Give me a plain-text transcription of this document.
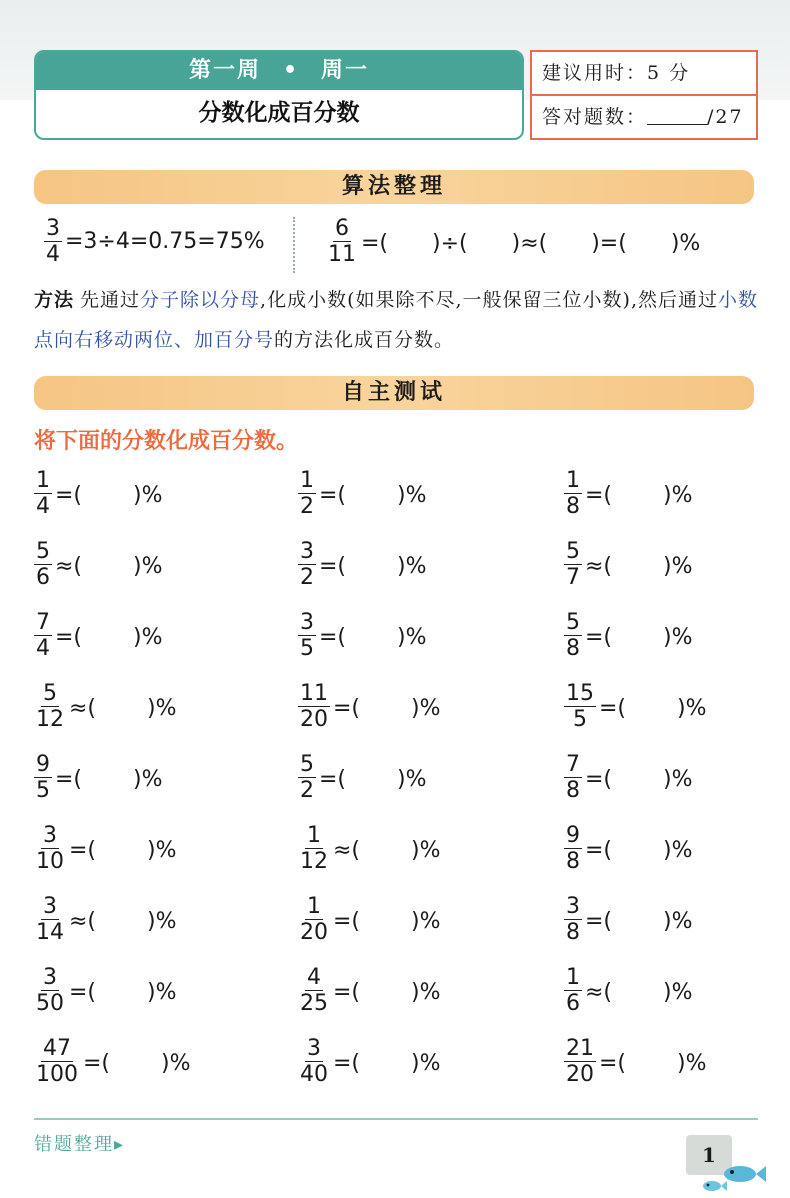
第一周 • 周一
分数化成百分数
建议用时：5 分
答对题数：	/27
算法整理
$\frac{3}{4} =3\div 4=0.75=75\%$	$\frac{6}{11}$ =(　　)÷(　　)≈(　　)=(　　)%
方法 先通过分子除以分母,化成小数(如果除不尽,一般保留三位小数),然后通过小数点向右移动两位、加百分号的方法化成百分数。
自主测试
将下面的分数化成百分数。
$\frac{1}{4}$ =(　　 )%	$\frac{1}{2}$ =(　　 )%	$\frac{1}{8}$ =(　　 )%
$\frac{5}{6}$ ≈(　　 )%	$\frac{3}{2}$ =(　　 )%	$\frac{5}{7}$ ≈(　　 )%
$\frac{7}{4}$ =(　　 )%	$\frac{3}{5}$ =(　　 )%	$\frac{5}{8}$ =(　　 )%
$\frac{5}{12}$ ≈(　　 )%	$\frac{11}{20}$ =(　　 )%	$\frac{15}{5}$ =(　　 )%
$\frac{9}{5}$ =(　　 )%	$\frac{5}{2}$ =(　　 )%	$\frac{7}{8}$ =(　　 )%
$\frac{3}{10}$ =(　　 )%	$\frac{1}{12}$ ≈(　　 )%	$\frac{9}{8}$ =(　　 )%
$\frac{3}{14}$ ≈(　　 )%	$\frac{1}{20}$ =(　　 )%	$\frac{3}{8}$ =(　　 )%
$\frac{3}{50}$ =(　　 )%	$\frac{4}{25}$ =(　　 )%	$\frac{1}{6}$ ≈(　　 )%
$\frac{47}{100}$ =(　　 )%	$\frac{3}{40}$ =(　　 )%	$\frac{21}{20}$ =(　　 )%
错题整理▸	1
